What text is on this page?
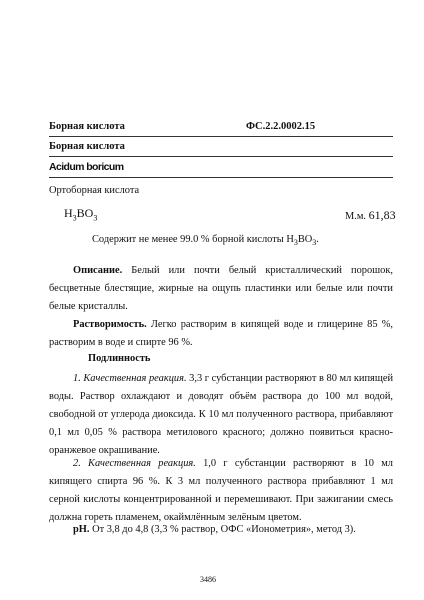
Борная кислота	ФС.2.2.0002.15
Борная кислота
Acidum boricum
Ортоборная кислота
$H_3BO_3$	М.м. 61,83
Содержит не менее 99.0 % борной кислоты $H_3BO_3$.
Описание. Белый или почти белый кристаллический порошок, бесцветные блестящие, жирные на ощупь пластинки или белые или почти белые кристаллы.
Растворимость. Легко растворим в кипящей воде и глицерине 85 %, растворим в воде и спирте 96 %.
Подлинность
1. Качественная реакция. 3,3 г субстанции растворяют в 80 мл кипящей воды. Раствор охлаждают и доводят объём раствора до 100 мл водой, свободной от углерода диоксида. К 10 мл полученного раствора, прибавляют 0,1 мл 0,05 % раствора метилового красного; должно появиться красно-оранжевое окрашивание.
2. Качественная реакция. 1,0 г субстанции растворяют в 10 мл кипящего спирта 96 %. К 3 мл полученного раствора прибавляют 1 мл серной кислоты концентрированной и перемешивают. При зажигании смесь должна гореть пламенем, окаймлённым зелёным цветом.
pH. От 3,8 до 4,8 (3,3 % раствор, ОФС «Ионометрия», метод 3).
3486
